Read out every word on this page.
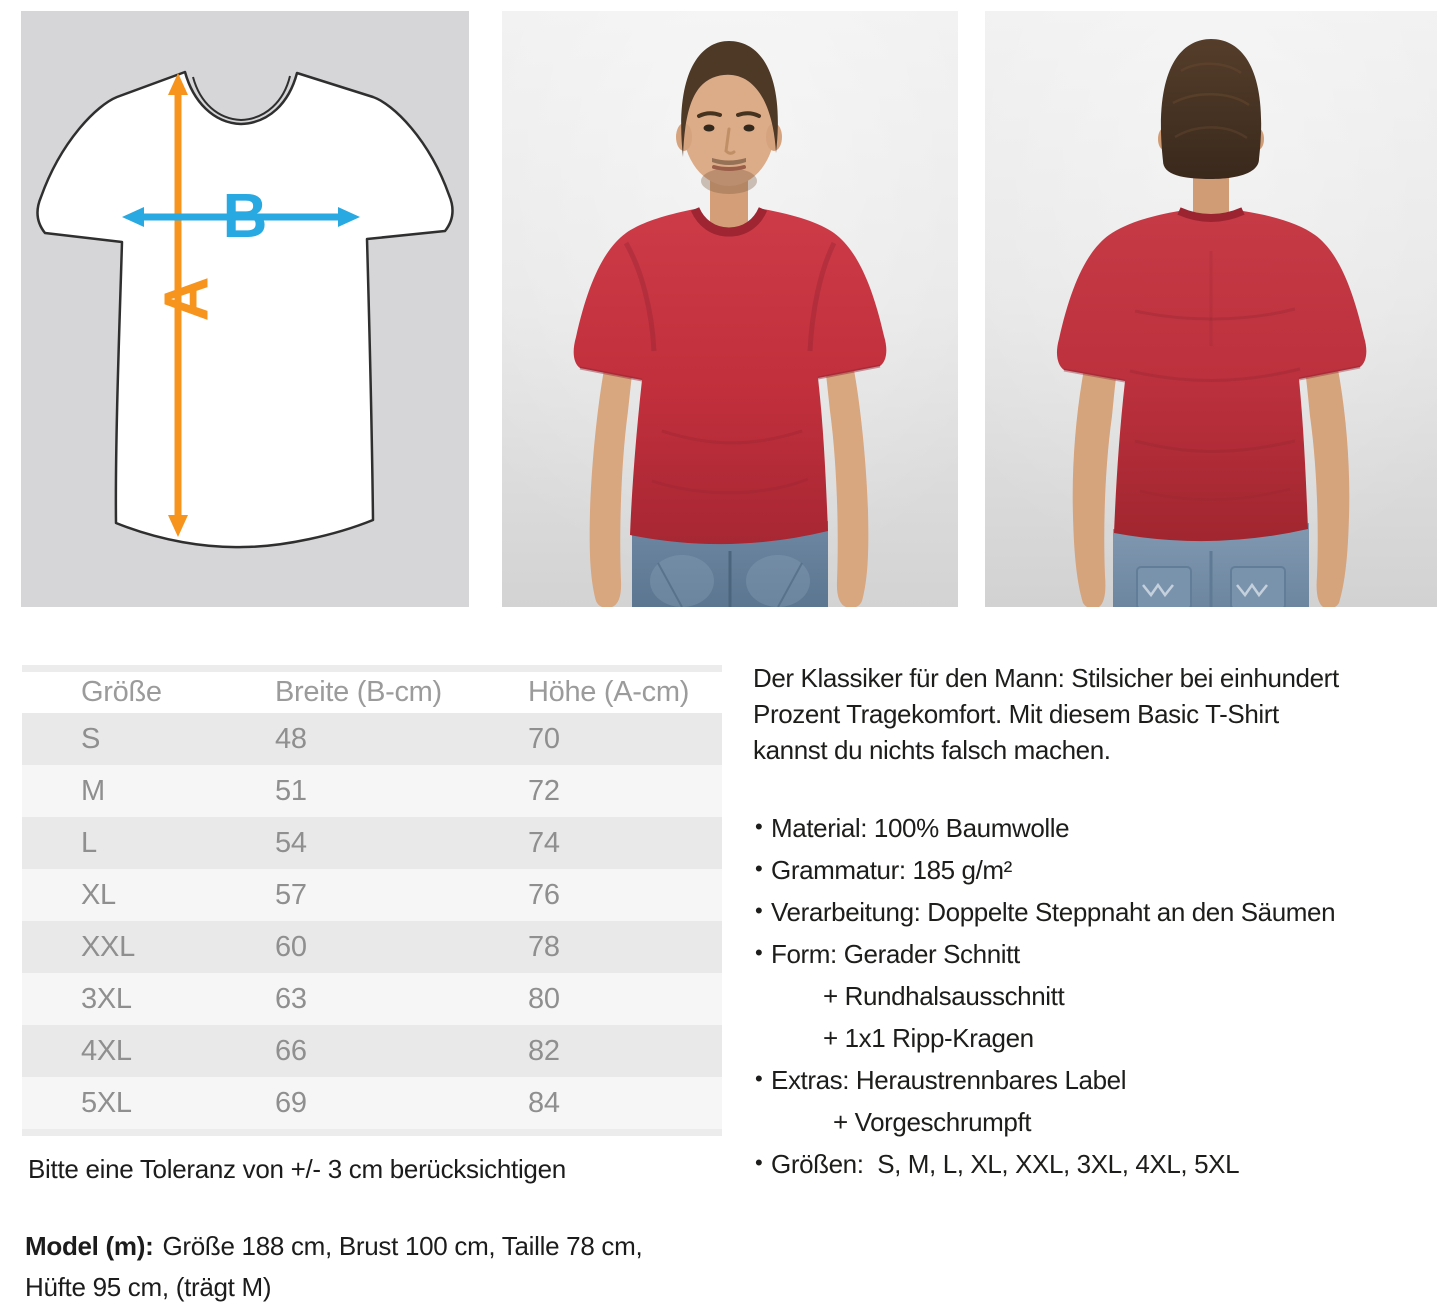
A
B
Größe	Breite (B-cm)	Höhe (A-cm)
S	48	70
M	51	72
L	54	74
XL	57	76
XXL	60	78
3XL	63	80
4XL	66	82
5XL	69	84
Bitte eine Toleranz von +/- 3 cm berücksichtigen
Model (m): Größe 188 cm, Brust 100 cm, Taille 78 cm,
Hüfte 95 cm, (trägt M)
Der Klassiker für den Mann: Stilsicher bei einhundert
Prozent Tragekomfort. Mit diesem Basic T-Shirt
kannst du nichts falsch machen.
• Material: 100% Baumwolle
• Grammatur: 185 g/m²
• Verarbeitung: Doppelte Steppnaht an den Säumen
• Form: Gerader Schnitt
+ Rundhalsausschnitt
+ 1x1 Ripp-Kragen
• Extras: Heraustrennbares Label
+ Vorgeschrumpft
• Größen:  S, M, L, XL, XXL, 3XL, 4XL, 5XL
